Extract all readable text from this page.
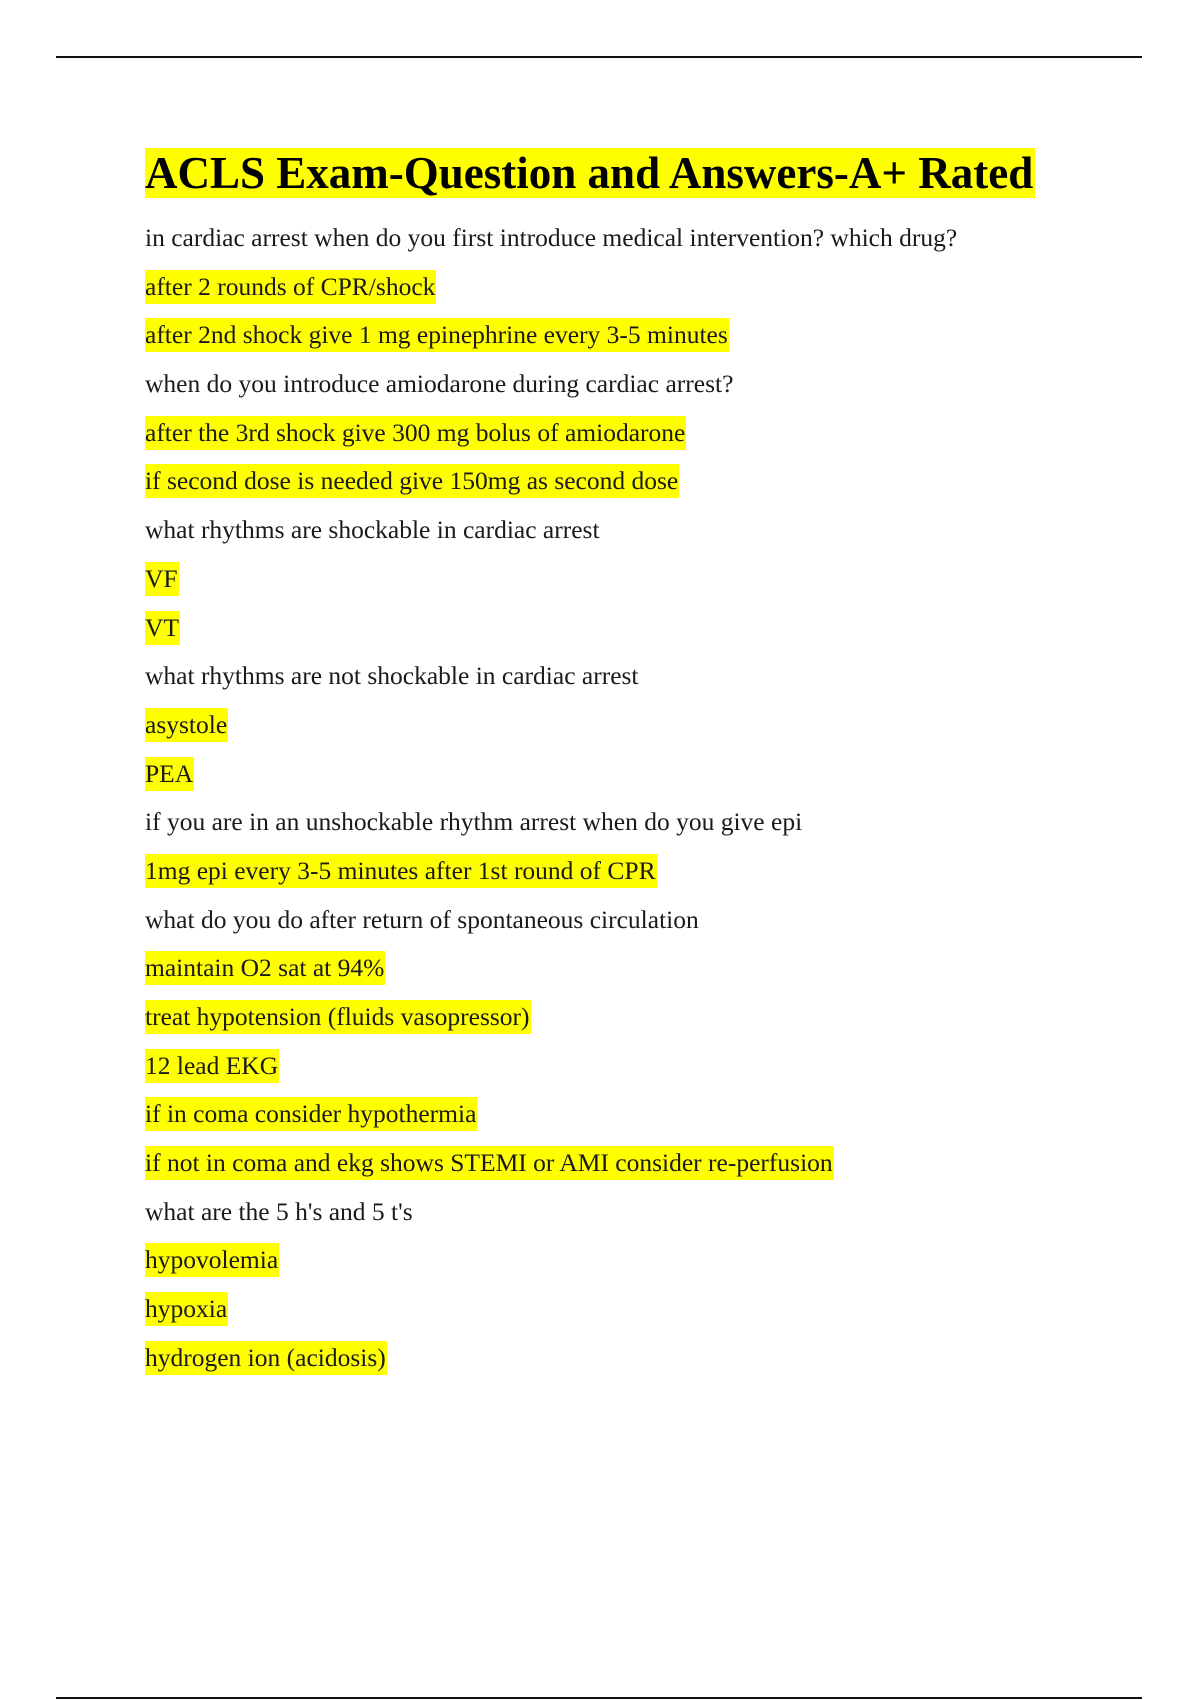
ACLS Exam-Question and Answers-A+ Rated
in cardiac arrest when do you first introduce medical intervention? which drug?
after 2 rounds of CPR/shock
after 2nd shock give 1 mg epinephrine every 3-5 minutes
when do you introduce amiodarone during cardiac arrest?
after the 3rd shock give 300 mg bolus of amiodarone
if second dose is needed give 150mg as second dose
what rhythms are shockable in cardiac arrest
VF
VT
what rhythms are not shockable in cardiac arrest
asystole
PEA
if you are in an unshockable rhythm arrest when do you give epi
1mg epi every 3-5 minutes after 1st round of CPR
what do you do after return of spontaneous circulation
maintain O2 sat at 94%
treat hypotension (fluids vasopressor)
12 lead EKG
if in coma consider hypothermia
if not in coma and ekg shows STEMI or AMI consider re-perfusion
what are the 5 h's and 5 t's
hypovolemia
hypoxia
hydrogen ion (acidosis)
